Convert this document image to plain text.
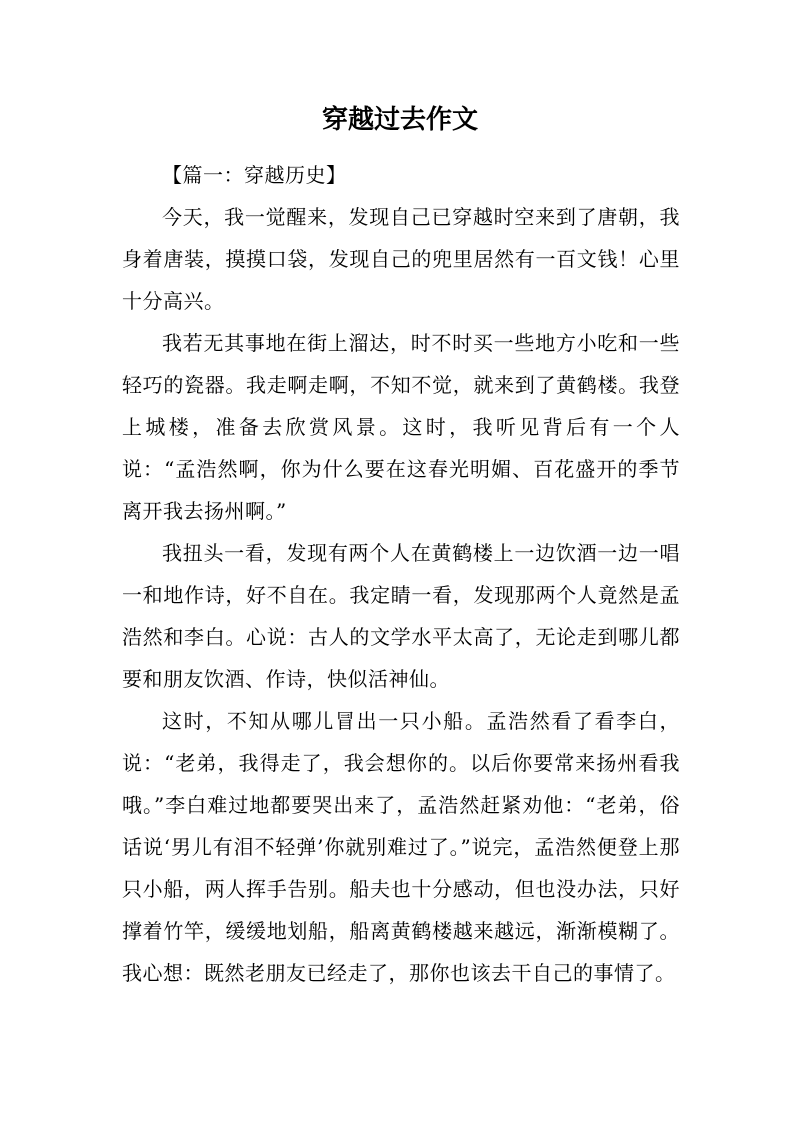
穿越过去作文

【篇一：穿越历史】

今天，我一觉醒来，发现自己已穿越时空来到了唐朝，我身着唐装，摸摸口袋，发现自己的兜里居然有一百文钱！心里十分高兴。

我若无其事地在街上溜达，时不时买一些地方小吃和一些轻巧的瓷器。我走啊走啊，不知不觉，就来到了黄鹤楼。我登上城楼，准备去欣赏风景。这时，我听见背后有一个人说：“孟浩然啊，你为什么要在这春光明媚、百花盛开的季节离开我去扬州啊。”

我扭头一看，发现有两个人在黄鹤楼上一边饮酒一边一唱一和地作诗，好不自在。我定睛一看，发现那两个人竟然是孟浩然和李白。心说：古人的文学水平太高了，无论走到哪儿都要和朋友饮酒、作诗，快似活神仙。

这时，不知从哪儿冒出一只小船。孟浩然看了看李白，说：“老弟，我得走了，我会想你的。以后你要常来扬州看我哦。”李白难过地都要哭出来了，孟浩然赶紧劝他：“老弟，俗话说‘男儿有泪不轻弹’你就别难过了。”说完，孟浩然便登上那只小船，两人挥手告别。船夫也十分感动，但也没办法，只好撑着竹竿，缓缓地划船，船离黄鹤楼越来越远，渐渐模糊了。我心想：既然老朋友已经走了，那你也该去干自己的事情了。
